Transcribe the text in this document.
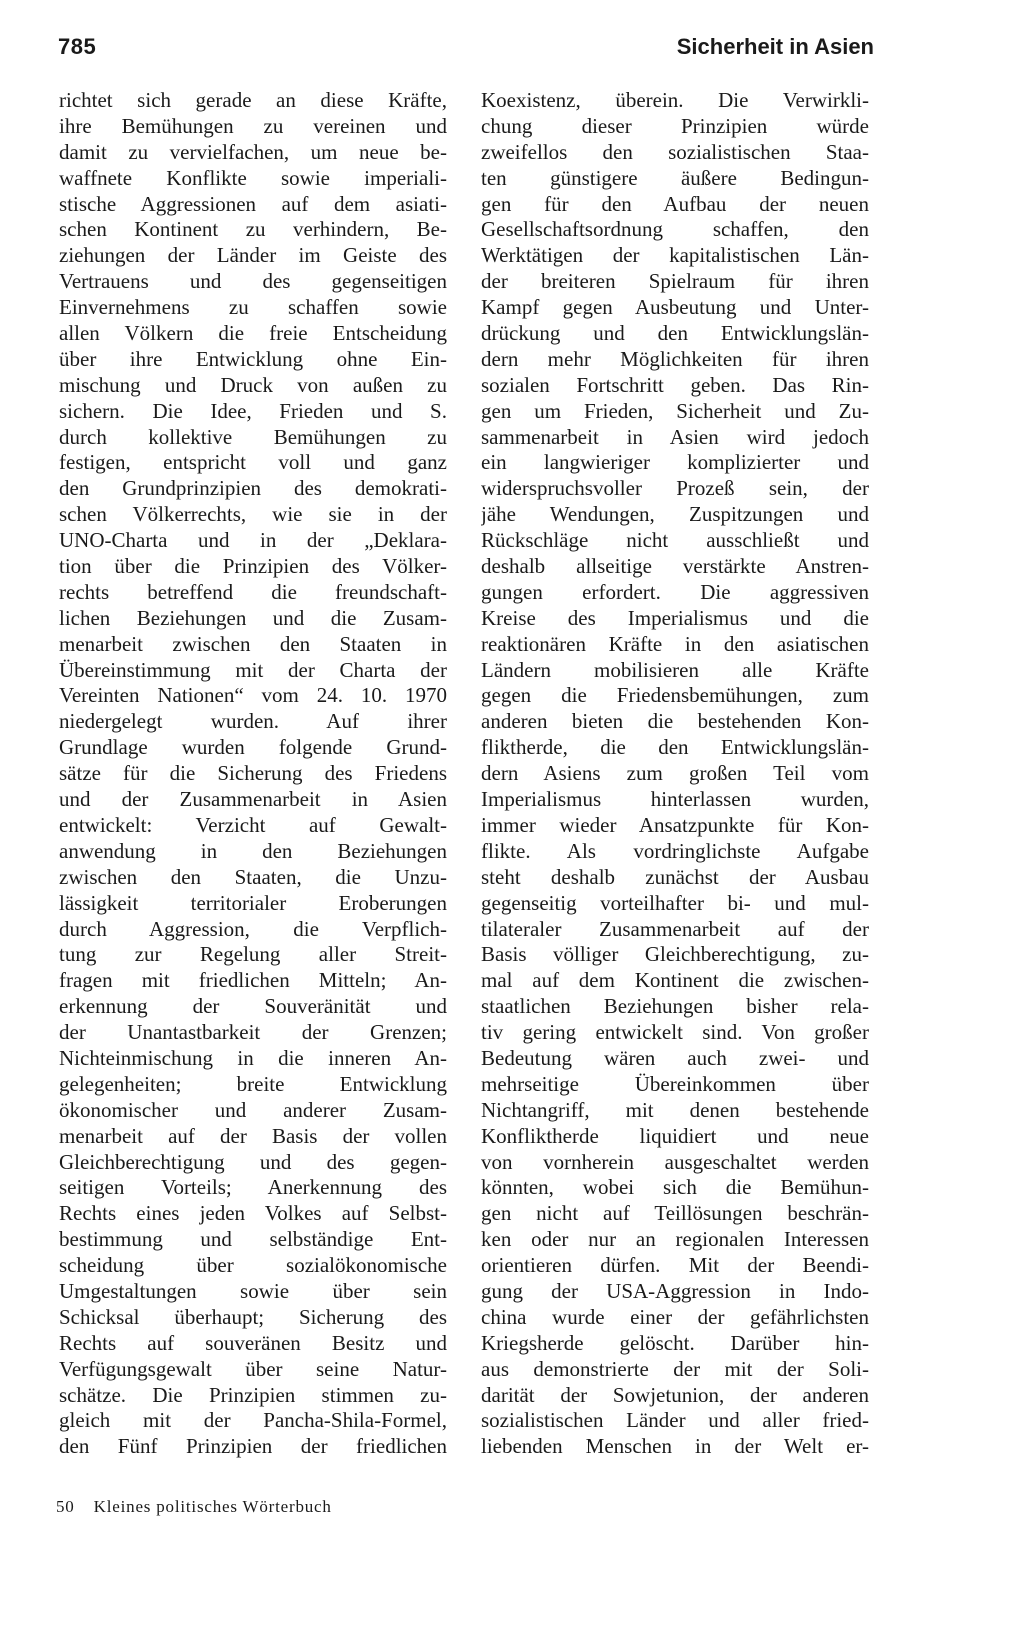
785	Sicherheit in Asien
richtet sich gerade an diese Kräfte,
ihre Bemühungen zu vereinen und
damit zu vervielfachen, um neue be-
waffnete Konflikte sowie imperiali-
stische Aggressionen auf dem asiati-
schen Kontinent zu verhindern, Be-
ziehungen der Länder im Geiste des
Vertrauens und des gegenseitigen
Einvernehmens zu schaffen sowie
allen Völkern die freie Entscheidung
über ihre Entwicklung ohne Ein-
mischung und Druck von außen zu
sichern. Die Idee, Frieden und S.
durch kollektive Bemühungen zu
festigen, entspricht voll und ganz
den Grundprinzipien des demokrati-
schen Völkerrechts, wie sie in der
UNO-Charta und in der „Deklara-
tion über die Prinzipien des Völker-
rechts betreffend die freundschaft-
lichen Beziehungen und die Zusam-
menarbeit zwischen den Staaten in
Übereinstimmung mit der Charta der
Vereinten Nationen“ vom 24. 10. 1970
niedergelegt wurden. Auf ihrer
Grundlage wurden folgende Grund-
sätze für die Sicherung des Friedens
und der Zusammenarbeit in Asien
entwickelt: Verzicht auf Gewalt-
anwendung in den Beziehungen
zwischen den Staaten, die Unzu-
lässigkeit territorialer Eroberungen
durch Aggression, die Verpflich-
tung zur Regelung aller Streit-
fragen mit friedlichen Mitteln; An-
erkennung der Souveränität und
der Unantastbarkeit der Grenzen;
Nichteinmischung in die inneren An-
gelegenheiten; breite Entwicklung
ökonomischer und anderer Zusam-
menarbeit auf der Basis der vollen
Gleichberechtigung und des gegen-
seitigen Vorteils; Anerkennung des
Rechts eines jeden Volkes auf Selbst-
bestimmung und selbständige Ent-
scheidung über sozialökonomische
Umgestaltungen sowie über sein
Schicksal überhaupt; Sicherung des
Rechts auf souveränen Besitz und
Verfügungsgewalt über seine Natur-
schätze. Die Prinzipien stimmen zu-
gleich mit der Pancha-Shila-Formel,
den Fünf Prinzipien der friedlichen
Koexistenz, überein. Die Verwirkli-
chung dieser Prinzipien würde
zweifellos den sozialistischen Staa-
ten günstigere äußere Bedingun-
gen für den Aufbau der neuen
Gesellschaftsordnung schaffen, den
Werktätigen der kapitalistischen Län-
der breiteren Spielraum für ihren
Kampf gegen Ausbeutung und Unter-
drückung und den Entwicklungslän-
dern mehr Möglichkeiten für ihren
sozialen Fortschritt geben. Das Rin-
gen um Frieden, Sicherheit und Zu-
sammenarbeit in Asien wird jedoch
ein langwieriger komplizierter und
widerspruchsvoller Prozeß sein, der
jähe Wendungen, Zuspitzungen und
Rückschläge nicht ausschließt und
deshalb allseitige verstärkte Anstren-
gungen erfordert. Die aggressiven
Kreise des Imperialismus und die
reaktionären Kräfte in den asiatischen
Ländern mobilisieren alle Kräfte
gegen die Friedensbemühungen, zum
anderen bieten die bestehenden Kon-
fliktherde, die den Entwicklungslän-
dern Asiens zum großen Teil vom
Imperialismus hinterlassen wurden,
immer wieder Ansatzpunkte für Kon-
flikte. Als vordringlichste Aufgabe
steht deshalb zunächst der Ausbau
gegenseitig vorteilhafter bi- und mul-
tilateraler Zusammenarbeit auf der
Basis völliger Gleichberechtigung, zu-
mal auf dem Kontinent die zwischen-
staatlichen Beziehungen bisher rela-
tiv gering entwickelt sind. Von großer
Bedeutung wären auch zwei- und
mehrseitige Übereinkommen über
Nichtangriff, mit denen bestehende
Konfliktherde liquidiert und neue
von vornherein ausgeschaltet werden
könnten, wobei sich die Bemühun-
gen nicht auf Teillösungen beschrän-
ken oder nur an regionalen Interessen
orientieren dürfen. Mit der Beendi-
gung der USA-Aggression in Indo-
china wurde einer der gefährlichsten
Kriegsherde gelöscht. Darüber hin-
aus demonstrierte der mit der Soli-
darität der Sowjetunion, der anderen
sozialistischen Länder und aller fried-
liebenden Menschen in der Welt er-
50 Kleines politisches Wörterbuch
